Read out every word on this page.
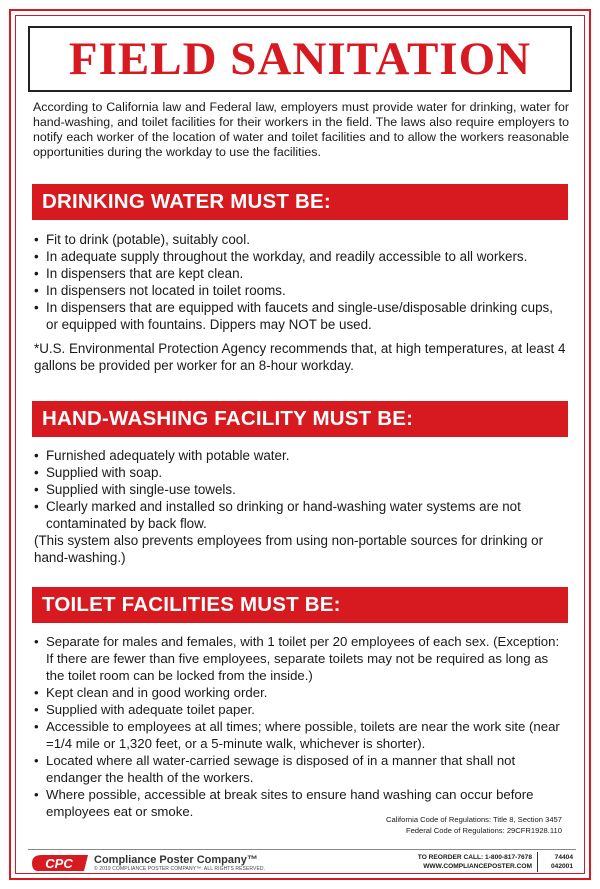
FIELD SANITATION

According to California law and Federal law, employers must provide water for drinking, water for hand-washing, and toilet facilities for their workers in the field. The laws also require employers to notify each worker of the location of water and toilet facilities and to allow the workers reasonable opportunities during the workday to use the facilities.

DRINKING WATER MUST BE:
• Fit to drink (potable), suitably cool.
• In adequate supply throughout the workday, and readily accessible to all workers.
• In dispensers that are kept clean.
• In dispensers not located in toilet rooms.
• In dispensers that are equipped with faucets and single-use/disposable drinking cups, or equipped with fountains. Dippers may NOT be used.

*U.S. Environmental Protection Agency recommends that, at high temperatures, at least 4 gallons be provided per worker for an 8-hour workday.

HAND-WASHING FACILITY MUST BE:
• Furnished adequately with potable water.
• Supplied with soap.
• Supplied with single-use towels.
• Clearly marked and installed so drinking or hand-washing water systems are not contaminated by back flow.

(This system also prevents employees from using non-portable sources for drinking or hand-washing.)

TOILET FACILITIES MUST BE:
• Separate for males and females, with 1 toilet per 20 employees of each sex. (Exception: If there are fewer than five employees, separate toilets may not be required as long as the toilet room can be locked from the inside.)
• Kept clean and in good working order.
• Supplied with adequate toilet paper.
• Accessible to employees at all times; where possible, toilets are near the work site (near =1/4 mile or 1,320 feet, or a 5-minute walk, whichever is shorter).
• Located where all water-carried sewage is disposed of in a manner that shall not endanger the health of the workers.
• Where possible, accessible at break sites to ensure hand washing can occur before employees eat or smoke.
California Code of Regulations: Title 8, Section 3457
Federal Code of Regulations: 29CFR1928.110
CPC Compliance Poster Company™
© 2019 COMPLIANCE POSTER COMPANY™. ALL RIGHTS RESERVED.
TO REORDER CALL: 1-800-817-7678
WWW.COMPLIANCEPOSTER.COM
74404
042001
